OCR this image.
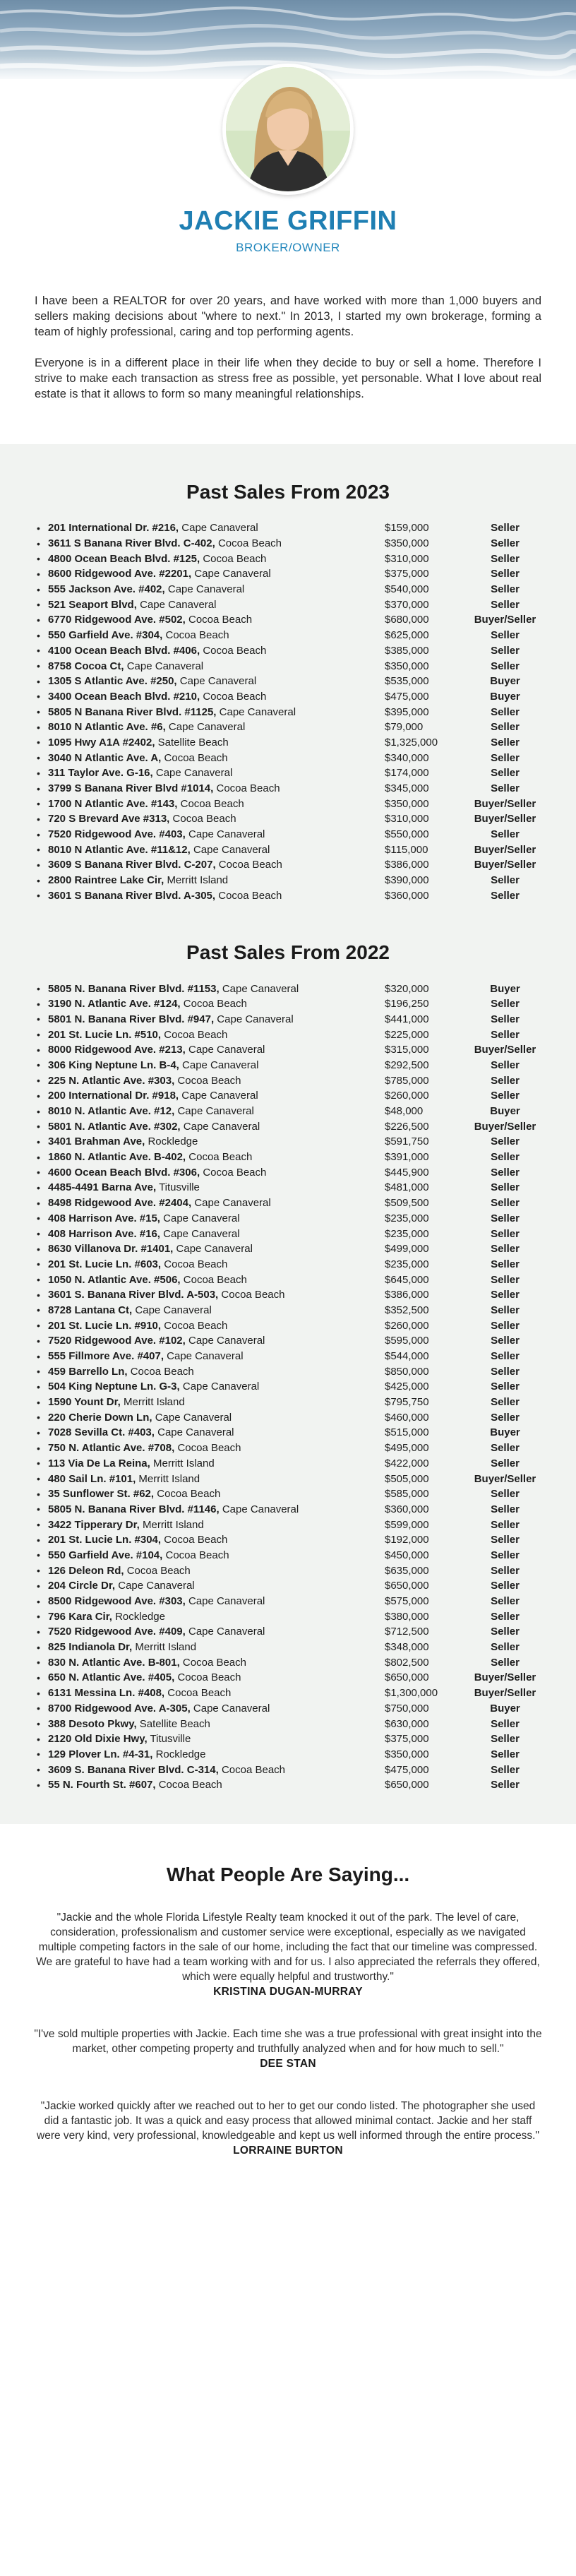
JACKIE GRIFFIN
BROKER/OWNER

I have been a REALTOR for over 20 years, and have worked with more than 1,000 buyers and sellers making decisions about "where to next." In 2013, I started my own brokerage, forming a team of highly professional, caring and top performing agents.

Everyone is in a different place in their life when they decide to buy or sell a home. Therefore I strive to make each transaction as stress free as possible, yet personable. What I love about real estate is that it allows to form so many meaningful relationships.

Past Sales From 2023
• 201 International Dr. #216, Cape Canaveral	$159,000	Seller
• 3611 S Banana River Blvd. C-402, Cocoa Beach	$350,000	Seller
• 4800 Ocean Beach Blvd. #125, Cocoa Beach	$310,000	Seller
• 8600 Ridgewood Ave. #2201, Cape Canaveral	$375,000	Seller
• 555 Jackson Ave. #402, Cape Canaveral	$540,000	Seller
• 521 Seaport Blvd, Cape Canaveral	$370,000	Seller
• 6770 Ridgewood Ave. #502, Cocoa Beach	$680,000	Buyer/Seller
• 550 Garfield Ave. #304, Cocoa Beach	$625,000	Seller
• 4100 Ocean Beach Blvd. #406, Cocoa Beach	$385,000	Seller
• 8758 Cocoa Ct, Cape Canaveral	$350,000	Seller
• 1305 S Atlantic Ave. #250, Cape Canaveral	$535,000	Buyer
• 3400 Ocean Beach Blvd. #210, Cocoa Beach	$475,000	Buyer
• 5805 N Banana River Blvd. #1125, Cape Canaveral	$395,000	Seller
• 8010 N Atlantic Ave. #6, Cape Canaveral	$79,000	Seller
• 1095 Hwy A1A #2402, Satellite Beach	$1,325,000	Seller
• 3040 N Atlantic Ave. A, Cocoa Beach	$340,000	Seller
• 311 Taylor Ave. G-16, Cape Canaveral	$174,000	Seller
• 3799 S Banana River Blvd #1014, Cocoa Beach	$345,000	Seller
• 1700 N Atlantic Ave. #143, Cocoa Beach	$350,000	Buyer/Seller
• 720 S Brevard Ave #313, Cocoa Beach	$310,000	Buyer/Seller
• 7520 Ridgewood Ave. #403, Cape Canaveral	$550,000	Seller
• 8010 N Atlantic Ave. #11&12, Cape Canaveral	$115,000	Buyer/Seller
• 3609 S Banana River Blvd. C-207, Cocoa Beach	$386,000	Buyer/Seller
• 2800 Raintree Lake Cir, Merritt Island	$390,000	Seller
• 3601 S Banana River Blvd. A-305, Cocoa Beach	$360,000	Seller
Past Sales From 2022
• 5805 N. Banana River Blvd. #1153, Cape Canaveral	$320,000	Buyer
• 3190 N. Atlantic Ave. #124, Cocoa Beach	$196,250	Seller
• 5801 N. Banana River Blvd. #947, Cape Canaveral	$441,000	Seller
• 201 St. Lucie Ln. #510, Cocoa Beach	$225,000	Seller
• 8000 Ridgewood Ave. #213, Cape Canaveral	$315,000	Buyer/Seller
• 306 King Neptune Ln. B-4, Cape Canaveral	$292,500	Seller
• 225 N. Atlantic Ave. #303, Cocoa Beach	$785,000	Seller
• 200 International Dr. #918, Cape Canaveral	$260,000	Seller
• 8010 N. Atlantic Ave. #12, Cape Canaveral	$48,000	Buyer
• 5801 N. Atlantic Ave. #302, Cape Canaveral	$226,500	Buyer/Seller
• 3401 Brahman Ave, Rockledge	$591,750	Seller
• 1860 N. Atlantic Ave. B-402, Cocoa Beach	$391,000	Seller
• 4600 Ocean Beach Blvd. #306, Cocoa Beach	$445,900	Seller
• 4485-4491 Barna Ave, Titusville	$481,000	Seller
• 8498 Ridgewood Ave. #2404, Cape Canaveral	$509,500	Seller
• 408 Harrison Ave. #15, Cape Canaveral	$235,000	Seller
• 408 Harrison Ave. #16, Cape Canaveral	$235,000	Seller
• 8630 Villanova Dr. #1401, Cape Canaveral	$499,000	Seller
• 201 St. Lucie Ln. #603, Cocoa Beach	$235,000	Seller
• 1050 N. Atlantic Ave. #506, Cocoa Beach	$645,000	Seller
• 3601 S. Banana River Blvd. A-503, Cocoa Beach	$386,000	Seller
• 8728 Lantana Ct, Cape Canaveral	$352,500	Seller
• 201 St. Lucie Ln. #910, Cocoa Beach	$260,000	Seller
• 7520 Ridgewood Ave. #102, Cape Canaveral	$595,000	Seller
• 555 Fillmore Ave. #407, Cape Canaveral	$544,000	Seller
• 459 Barrello Ln, Cocoa Beach	$850,000	Seller
• 504 King Neptune Ln. G-3, Cape Canaveral	$425,000	Seller
• 1590 Yount Dr, Merritt Island	$795,750	Seller
• 220 Cherie Down Ln, Cape Canaveral	$460,000	Seller
• 7028 Sevilla Ct. #403, Cape Canaveral	$515,000	Buyer
• 750 N. Atlantic Ave. #708, Cocoa Beach	$495,000	Seller
• 113 Via De La Reina, Merritt Island	$422,000	Seller
• 480 Sail Ln. #101, Merritt Island	$505,000	Buyer/Seller
• 35 Sunflower St. #62, Cocoa Beach	$585,000	Seller
• 5805 N. Banana River Blvd. #1146, Cape Canaveral	$360,000	Seller
• 3422 Tipperary Dr, Merritt Island	$599,000	Seller
• 201 St. Lucie Ln. #304, Cocoa Beach	$192,000	Seller
• 550 Garfield Ave. #104, Cocoa Beach	$450,000	Seller
• 126 Deleon Rd, Cocoa Beach	$635,000	Seller
• 204 Circle Dr, Cape Canaveral	$650,000	Seller
• 8500 Ridgewood Ave. #303, Cape Canaveral	$575,000	Seller
• 796 Kara Cir, Rockledge	$380,000	Seller
• 7520 Ridgewood Ave. #409, Cape Canaveral	$712,500	Seller
• 825 Indianola Dr, Merritt Island	$348,000	Seller
• 830 N. Atlantic Ave. B-801, Cocoa Beach	$802,500	Seller
• 650 N. Atlantic Ave. #405, Cocoa Beach	$650,000	Buyer/Seller
• 6131 Messina Ln. #408, Cocoa Beach	$1,300,000	Buyer/Seller
• 8700 Ridgewood Ave. A-305, Cape Canaveral	$750,000	Buyer
• 388 Desoto Pkwy, Satellite Beach	$630,000	Seller
• 2120 Old Dixie Hwy, Titusville	$375,000	Seller
• 129 Plover Ln. #4-31, Rockledge	$350,000	Seller
• 3609 S. Banana River Blvd. C-314, Cocoa Beach	$475,000	Seller
• 55 N. Fourth St. #607, Cocoa Beach	$650,000	Seller
What People Are Saying...

"Jackie and the whole Florida Lifestyle Realty team knocked it out of the park. The level of care, consideration, professionalism and customer service were exceptional, especially as we navigated multiple competing factors in the sale of our home, including the fact that our timeline was compressed. We are grateful to have had a team working with and for us. I also appreciated the referrals they offered, which were equally helpful and trustworthy."

KRISTINA DUGAN-MURRAY

"I've sold multiple properties with Jackie. Each time she was a true professional with great insight into the market, other competing property and truthfully analyzed when and for how much to sell."

DEE STAN

"Jackie worked quickly after we reached out to her to get our condo listed. The photographer she used did a fantastic job. It was a quick and easy process that allowed minimal contact. Jackie and her staff were very kind, very professional, knowledgeable and kept us well informed through the entire process."

LORRAINE BURTON
